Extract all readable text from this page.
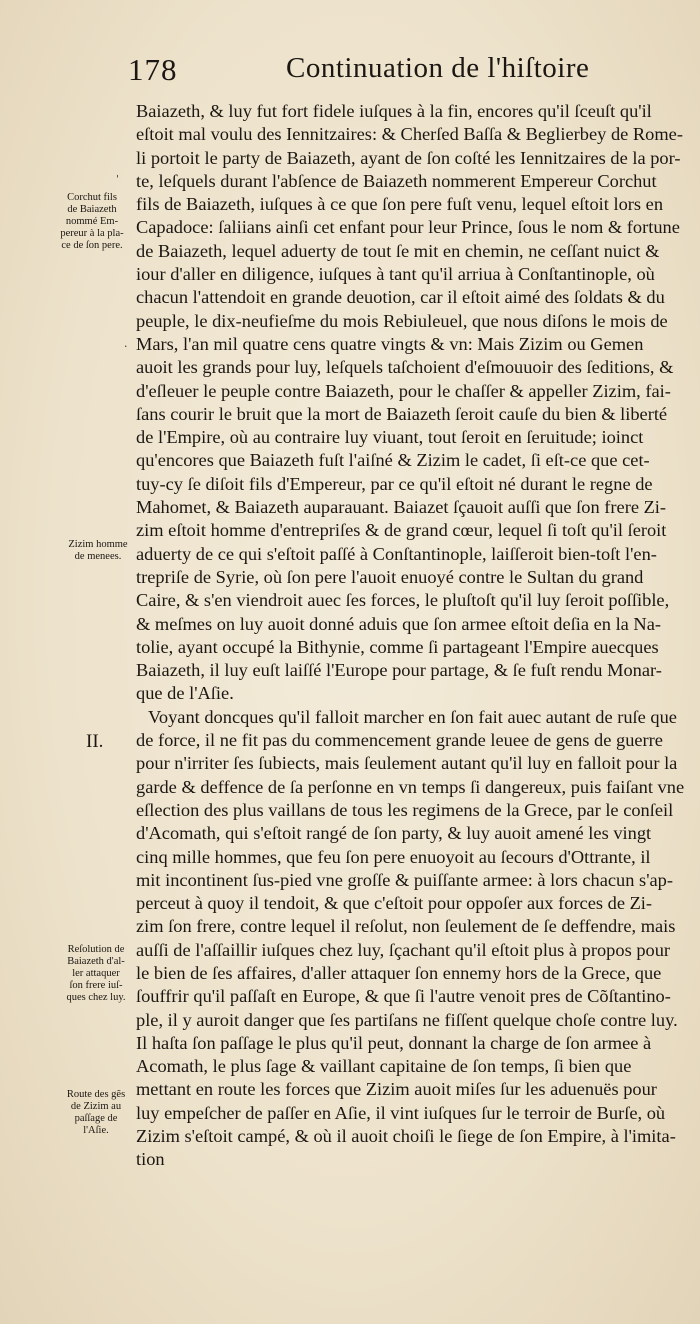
178	Continuation de l'hiſtoire
ˌ
·
Corchut fils
de Baiazeth
nommé Em-
pereur à la pla-
ce de ſon pere.
Zizim homme
de menees.
II.
Reſolution de
Baiazeth d'al-
ler attaquer
ſon frere iuſ-
ques chez luy.
Route des gẽs
de Zizim au
paſſage de
l'Aſie.
Baiazeth, & luy fut fort fidele iuſques à la fin, encores qu'il ſceuſt qu'il
eſtoit mal voulu des Iennitzaires: & Cherſed Baſſa & Beglierbey de Rome-
li portoit le party de Baiazeth, ayant de ſon coſté les Iennitzaires de la por-
te, leſquels durant l'abſence de Baiazeth nommerent Empereur Corchut
fils de Baiazeth, iuſques à ce que ſon pere fuſt venu, lequel eſtoit lors en
Capadoce: ſaliians ainſi cet enfant pour leur Prince, ſous le nom & fortune
de Baiazeth, lequel aduerty de tout ſe mit en chemin, ne ceſſant nuict &
iour d'aller en diligence, iuſques à tant qu'il arriua à Conſtantinople, où
chacun l'attendoit en grande deuotion, car il eſtoit aimé des ſoldats & du
peuple, le dix-neufieſme du mois Rebiuleuel, que nous diſons le mois de
Mars, l'an mil quatre cens quatre vingts & vn: Mais Zizim ou Gemen
auoit les grands pour luy, leſquels taſchoient d'eſmouuoir des ſeditions, &
d'eſleuer le peuple contre Baiazeth, pour le chaſſer & appeller Zizim, fai-
ſans courir le bruit que la mort de Baiazeth ſeroit cauſe du bien & liberté
de l'Empire, où au contraire luy viuant, tout ſeroit en ſeruitude; ioinct
qu'encores que Baiazeth fuſt l'aiſné & Zizim le cadet, ſi eſt-ce que cet-
tuy-cy ſe diſoit fils d'Empereur, par ce qu'il eſtoit né durant le regne de
Mahomet, & Baiazeth auparauant. Baiazet ſçauoit auſſi que ſon frere Zi-
zim eſtoit homme d'entrepriſes & de grand cœur, lequel ſi toſt qu'il ſeroit
aduerty de ce qui s'eſtoit paſſé à Conſtantinople, laiſſeroit bien-toſt l'en-
trepriſe de Syrie, où ſon pere l'auoit enuoyé contre le Sultan du grand
Caire, & s'en viendroit auec ſes forces, le pluſtoſt qu'il luy ſeroit poſſible,
& meſmes on luy auoit donné aduis que ſon armee eſtoit deſia en la Na-
tolie, ayant occupé la Bithynie, comme ſi partageant l'Empire auecques
Baiazeth, il luy euſt laiſſé l'Europe pour partage, & ſe fuſt rendu Monar-
que de l'Aſie.
Voyant doncques qu'il falloit marcher en ſon fait auec autant de ruſe que
de force, il ne fit pas du commencement grande leuee de gens de guerre
pour n'irriter ſes ſubiects, mais ſeulement autant qu'il luy en falloit pour la
garde & deffence de ſa perſonne en vn temps ſi dangereux, puis faiſant vne
eſlection des plus vaillans de tous les regimens de la Grece, par le conſeil
d'Acomath, qui s'eſtoit rangé de ſon party, & luy auoit amené les vingt
cinq mille hommes, que feu ſon pere enuoyoit au ſecours d'Ottrante, il
mit incontinent ſus-pied vne groſſe & puiſſante armee: à lors chacun s'ap-
perceut à quoy il tendoit, & que c'eſtoit pour oppoſer aux forces de Zi-
zim ſon frere, contre lequel il reſolut, non ſeulement de ſe deffendre, mais
auſſi de l'aſſaillir iuſques chez luy, ſçachant qu'il eſtoit plus à propos pour
le bien de ſes affaires, d'aller attaquer ſon ennemy hors de la Grece, que
ſouffrir qu'il paſſaſt en Europe, & que ſi l'autre venoit pres de Cõſtantino-
ple, il y auroit danger que ſes partiſans ne fiſſent quelque choſe contre luy.
Il haſta ſon paſſage le plus qu'il peut, donnant la charge de ſon armee à
Acomath, le plus ſage & vaillant capitaine de ſon temps, ſi bien que
mettant en route les forces que Zizim auoit miſes ſur les aduenuës pour
luy empeſcher de paſſer en Aſie, il vint iuſques ſur le terroir de Burſe, où
Zizim s'eſtoit campé, & où il auoit choiſi le ſiege de ſon Empire, à l'imita-
tion
